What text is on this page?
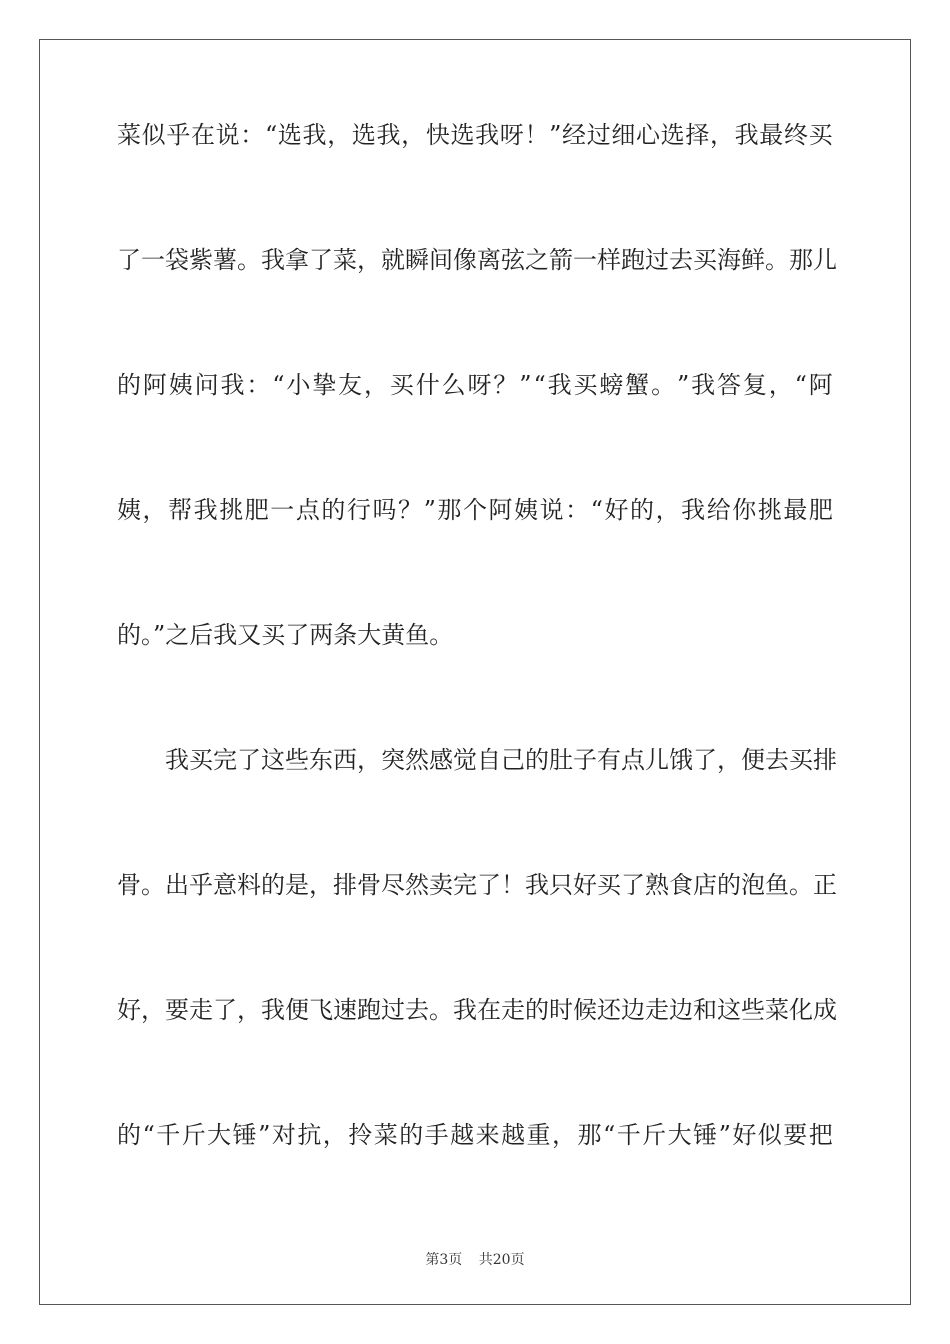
菜 似 乎 在 说 ： “ 选 我 ， 选 我 ， 快 选 我 呀 ！ ” 经 过 细 心 选 择 ， 我 最 终 买
了 一 袋 紫 薯 。 我 拿 了 菜 ， 就 瞬 间 像 离 弦 之 箭 一 样 跑 过 去 买 海 鲜 。 那 儿
的 阿 姨 问 我 ： “ 小 挚 友 ， 买 什 么 呀 ？ ” “ 我 买 螃 蟹 。 ” 我 答 复 ， “ 阿
姨 ， 帮 我 挑 肥 一 点 的 行 吗 ？ ” 那 个 阿 姨 说 ： “ 好 的 ， 我 给 你 挑 最 肥
的。”之后我又买了两条大黄鱼。
我 买 完 了 这 些 东 西 ， 突 然 感 觉 自 己 的 肚 子 有 点 儿 饿 了 ， 便 去 买 排
骨 。 出 乎 意 料 的 是 ， 排 骨 尽 然 卖 完 了 ！ 我 只 好 买 了 熟 食 店 的 泡 鱼 。 正
好 ， 要 走 了 ， 我 便 飞 速 跑 过 去 。 我 在 走 的 时 候 还 边 走 边 和 这 些 菜 化 成
的 “ 千 斤 大 锤 ” 对 抗 ， 拎 菜 的 手 越 来 越 重 ， 那 “ 千 斤 大 锤 ” 好 似 要 把
第3页 共20页
